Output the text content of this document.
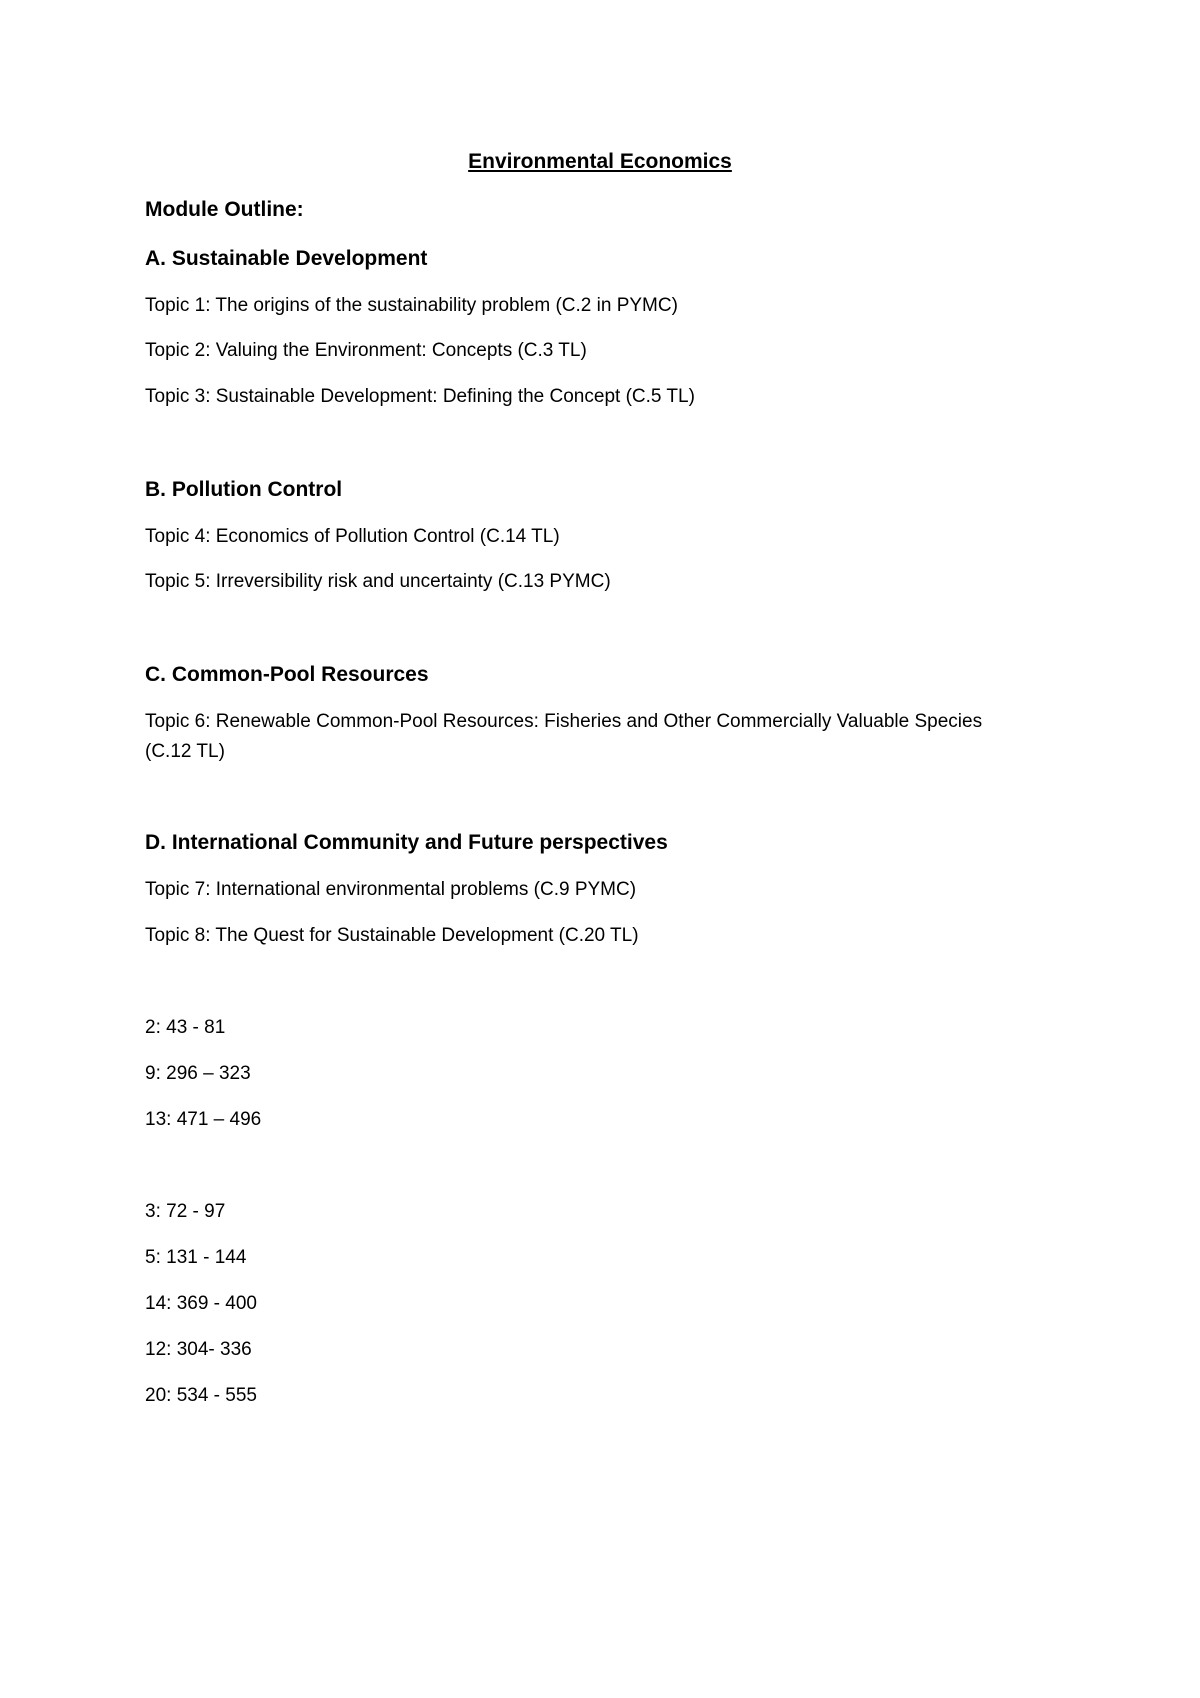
Environmental Economics
Module Outline:
A. Sustainable Development
Topic 1: The origins of the sustainability problem (C.2 in PYMC)
Topic 2: Valuing the Environment: Concepts (C.3 TL)
Topic 3: Sustainable Development: Defining the Concept (C.5 TL)
B. Pollution Control
Topic 4: Economics of Pollution Control (C.14 TL)
Topic 5: Irreversibility risk and uncertainty (C.13 PYMC)
C. Common-Pool Resources
Topic 6: Renewable Common-Pool Resources: Fisheries and Other Commercially Valuable Species
(C.12 TL)
D. International Community and Future perspectives
Topic 7: International environmental problems (C.9 PYMC)
Topic 8: The Quest for Sustainable Development (C.20 TL)
2: 43 - 81
9: 296 – 323
13: 471 – 496
3: 72 - 97
5: 131 - 144
14: 369 - 400
12: 304- 336
20: 534 - 555
